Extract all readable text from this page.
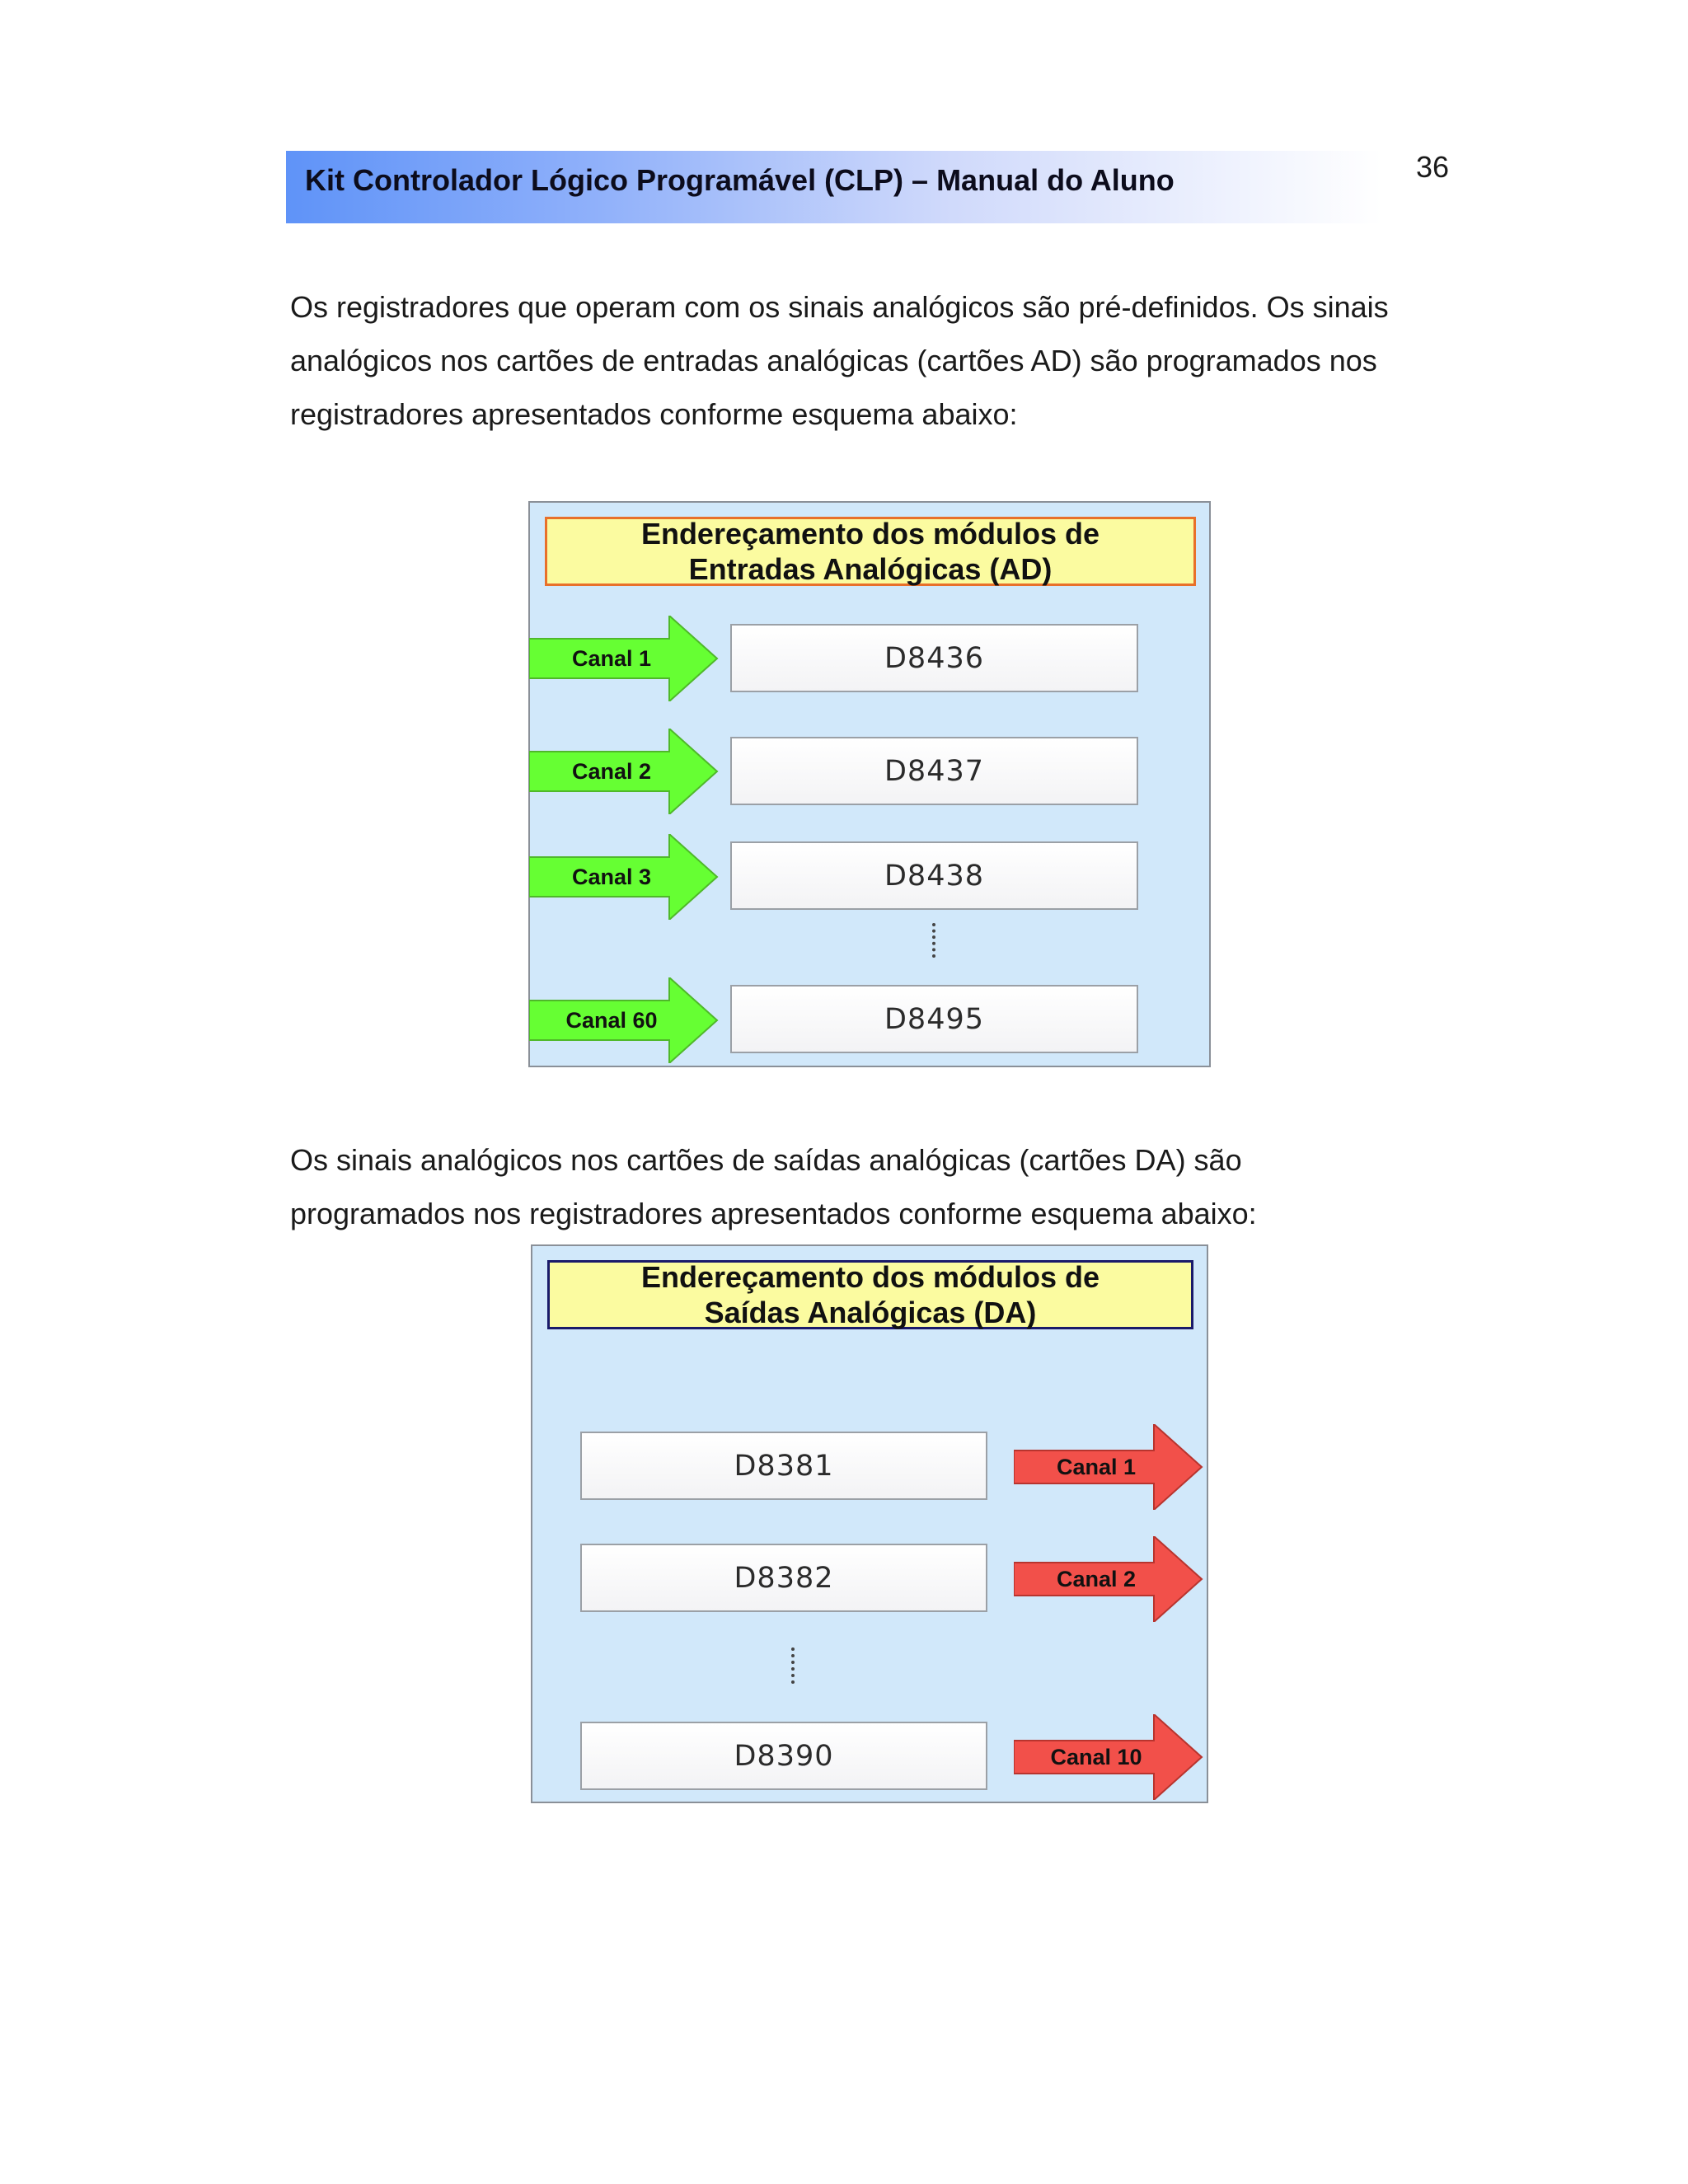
Kit Controlador Lógico Programável (CLP) – Manual do Aluno	36
Os registradores que operam com os sinais analógicos são pré-definidos. Os sinais
analógicos nos cartões de entradas analógicas (cartões AD) são programados nos
registradores apresentados conforme esquema abaixo:
Endereçamento dos módulos de
Entradas Analógicas (AD)
Canal 1	D8436
Canal 2	D8437
Canal 3	D8438
Canal 60	D8495
Os sinais analógicos nos cartões de saídas analógicas (cartões DA) são
programados nos registradores apresentados conforme esquema abaixo:
Endereçamento dos módulos de
Saídas Analógicas (DA)
D8381	Canal 1
D8382	Canal 2
D8390	Canal 10
